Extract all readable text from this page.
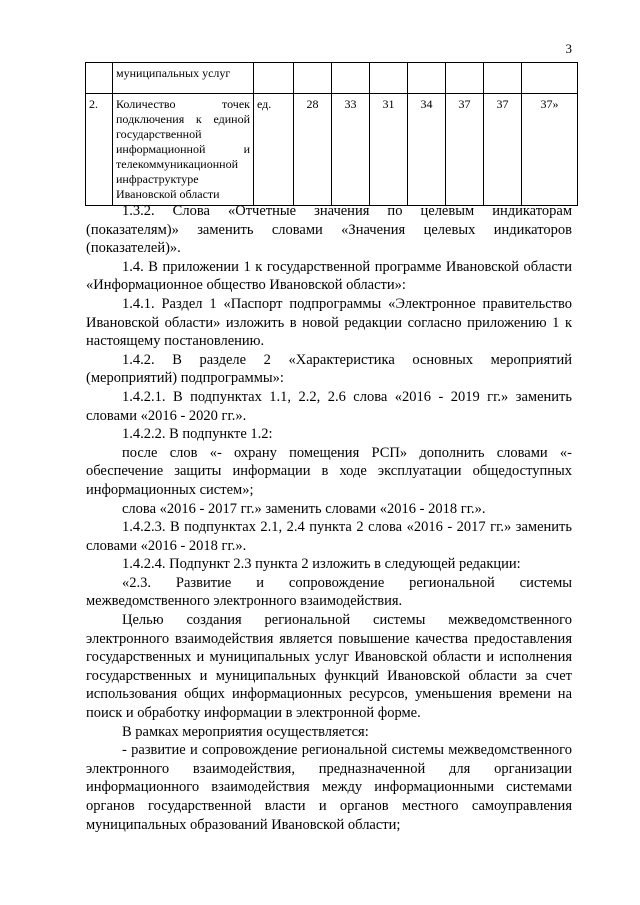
3
	муниципальных услуг								
2.	Количество точек подключения к единой государственной информационной и телекоммуникационной инфраструктуре Ивановской области	ед.	28	33	31	34	37	37	37»

1.3.2. Слова «Отчетные значения по целевым индикаторам (показателям)» заменить словами «Значения целевых индикаторов (показателей)».

1.4. В приложении 1 к государственной программе Ивановской области «Информационное общество Ивановской области»:

1.4.1. Раздел 1 «Паспорт подпрограммы «Электронное правительство Ивановской области» изложить в новой редакции согласно приложению 1 к настоящему постановлению.

1.4.2. В разделе 2 «Характеристика основных мероприятий (мероприятий) подпрограммы»:

1.4.2.1. В подпунктах 1.1, 2.2, 2.6 слова «2016 - 2019 гг.» заменить словами «2016 - 2020 гг.».

1.4.2.2. В подпункте 1.2:

после слов «- охрану помещения РСП» дополнить словами «- обеспечение защиты информации в ходе эксплуатации общедоступных информационных систем»;

слова «2016 - 2017 гг.» заменить словами «2016 - 2018 гг.».

1.4.2.3. В подпунктах 2.1, 2.4 пункта 2 слова «2016 - 2017 гг.» заменить словами «2016 - 2018 гг.».

1.4.2.4. Подпункт 2.3 пункта 2 изложить в следующей редакции:

«2.3. Развитие и сопровождение региональной системы межведомственного электронного взаимодействия.

Целью создания региональной системы межведомственного электронного взаимодействия является повышение качества предоставления государственных и муниципальных услуг Ивановской области и исполнения государственных и муниципальных функций Ивановской области за счет использования общих информационных ресурсов, уменьшения времени на поиск и обработку информации в электронной форме.

В рамках мероприятия осуществляется:

- развитие и сопровождение региональной системы межведомственного электронного взаимодействия, предназначенной для организации информационного взаимодействия между информационными системами органов государственной власти и органов местного самоуправления муниципальных образований Ивановской области;
